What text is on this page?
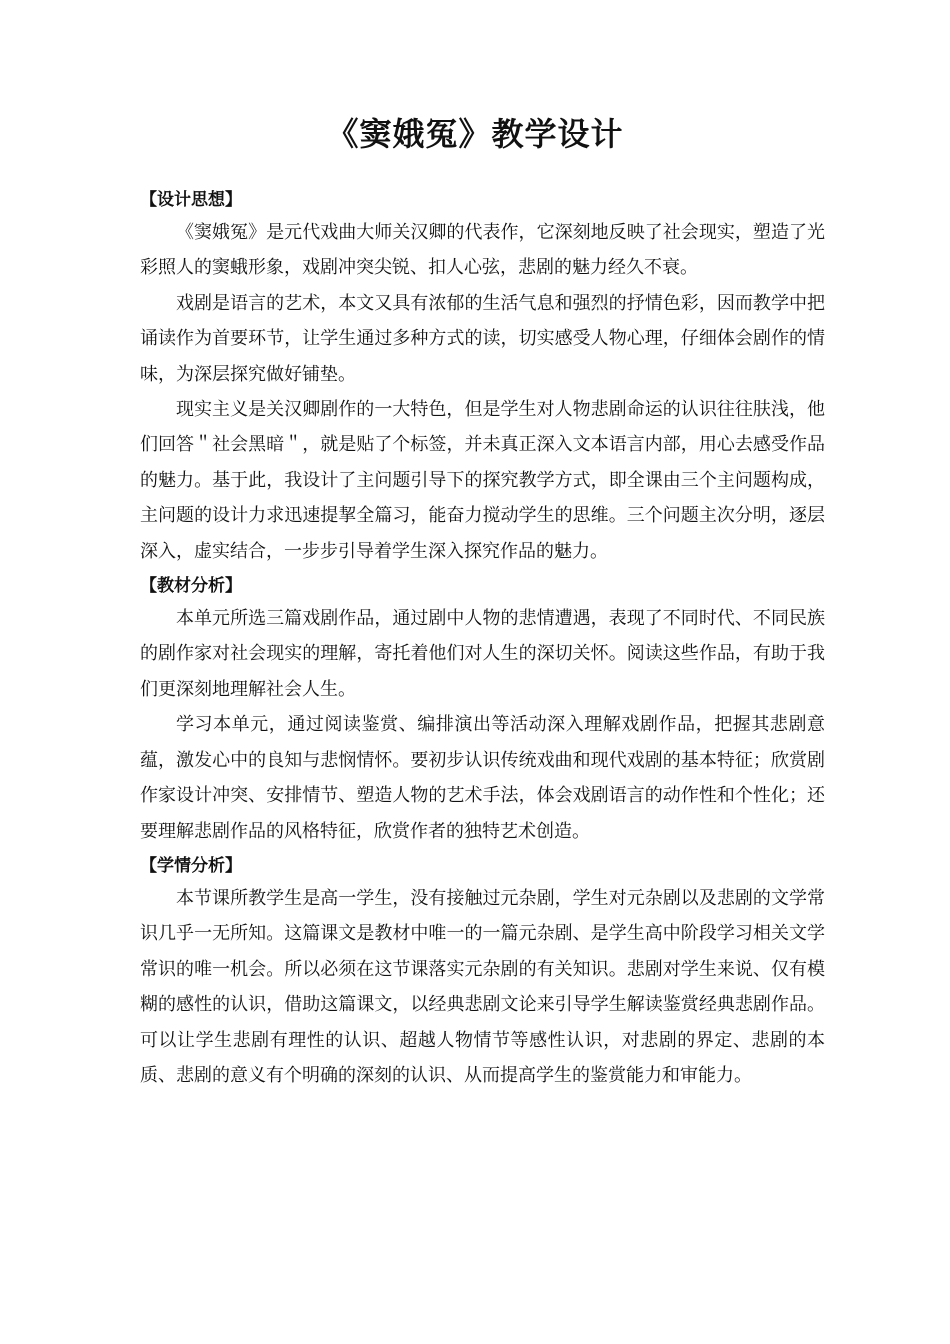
《窦娥冤》教学设计

【设计思想】

《窦娥冤》是元代戏曲大师关汉卿的代表作，它深刻地反映了社会现实，塑造了光彩照人的窦蛾形象，戏剧冲突尖锐、扣人心弦，悲剧的魅力经久不衰。

戏剧是语言的艺术，本文又具有浓郁的生活气息和强烈的抒情色彩，因而教学中把诵读作为首要环节，让学生通过多种方式的读，切实感受人物心理，仔细体会剧作的情味，为深层探究做好铺垫。

现实主义是关汉卿剧作的一大特色，但是学生对人物悲剧命运的认识往往肤浅，他们回答＂社会黑暗＂，就是贴了个标签，并未真正深入文本语言内部，用心去感受作品的魅力。基于此，我设计了主问题引导下的探究教学方式，即全课由三个主问题构成，主问题的设计力求迅速提挈全篇习，能奋力搅动学生的思维。三个问题主次分明，逐层深入，虚实结合，一步步引导着学生深入探究作品的魅力。

【教材分析】

本单元所选三篇戏剧作品，通过剧中人物的悲情遭遇，表现了不同时代、不同民族的剧作家对社会现实的理解，寄托着他们对人生的深切关怀。阅读这些作品，有助于我们更深刻地理解社会人生。

学习本单元，通过阅读鉴赏、编排演出等活动深入理解戏剧作品，把握其悲剧意蕴，激发心中的良知与悲悯情怀。要初步认识传统戏曲和现代戏剧的基本特征；欣赏剧作家设计冲突、安排情节、塑造人物的艺术手法，体会戏剧语言的动作性和个性化；还要理解悲剧作品的风格特征，欣赏作者的独特艺术创造。

【学情分析】

本节课所教学生是高一学生，没有接触过元杂剧，学生对元杂剧以及悲剧的文学常识几乎一无所知。这篇课文是教材中唯一的一篇元杂剧、是学生高中阶段学习相关文学常识的唯一机会。所以必须在这节课落实元杂剧的有关知识。悲剧对学生来说、仅有模糊的感性的认识，借助这篇课文，以经典悲剧文论来引导学生解读鉴赏经典悲剧作品。可以让学生悲剧有理性的认识、超越人物情节等感性认识，对悲剧的界定、悲剧的本质、悲剧的意义有个明确的深刻的认识、从而提高学生的鉴赏能力和审能力。
